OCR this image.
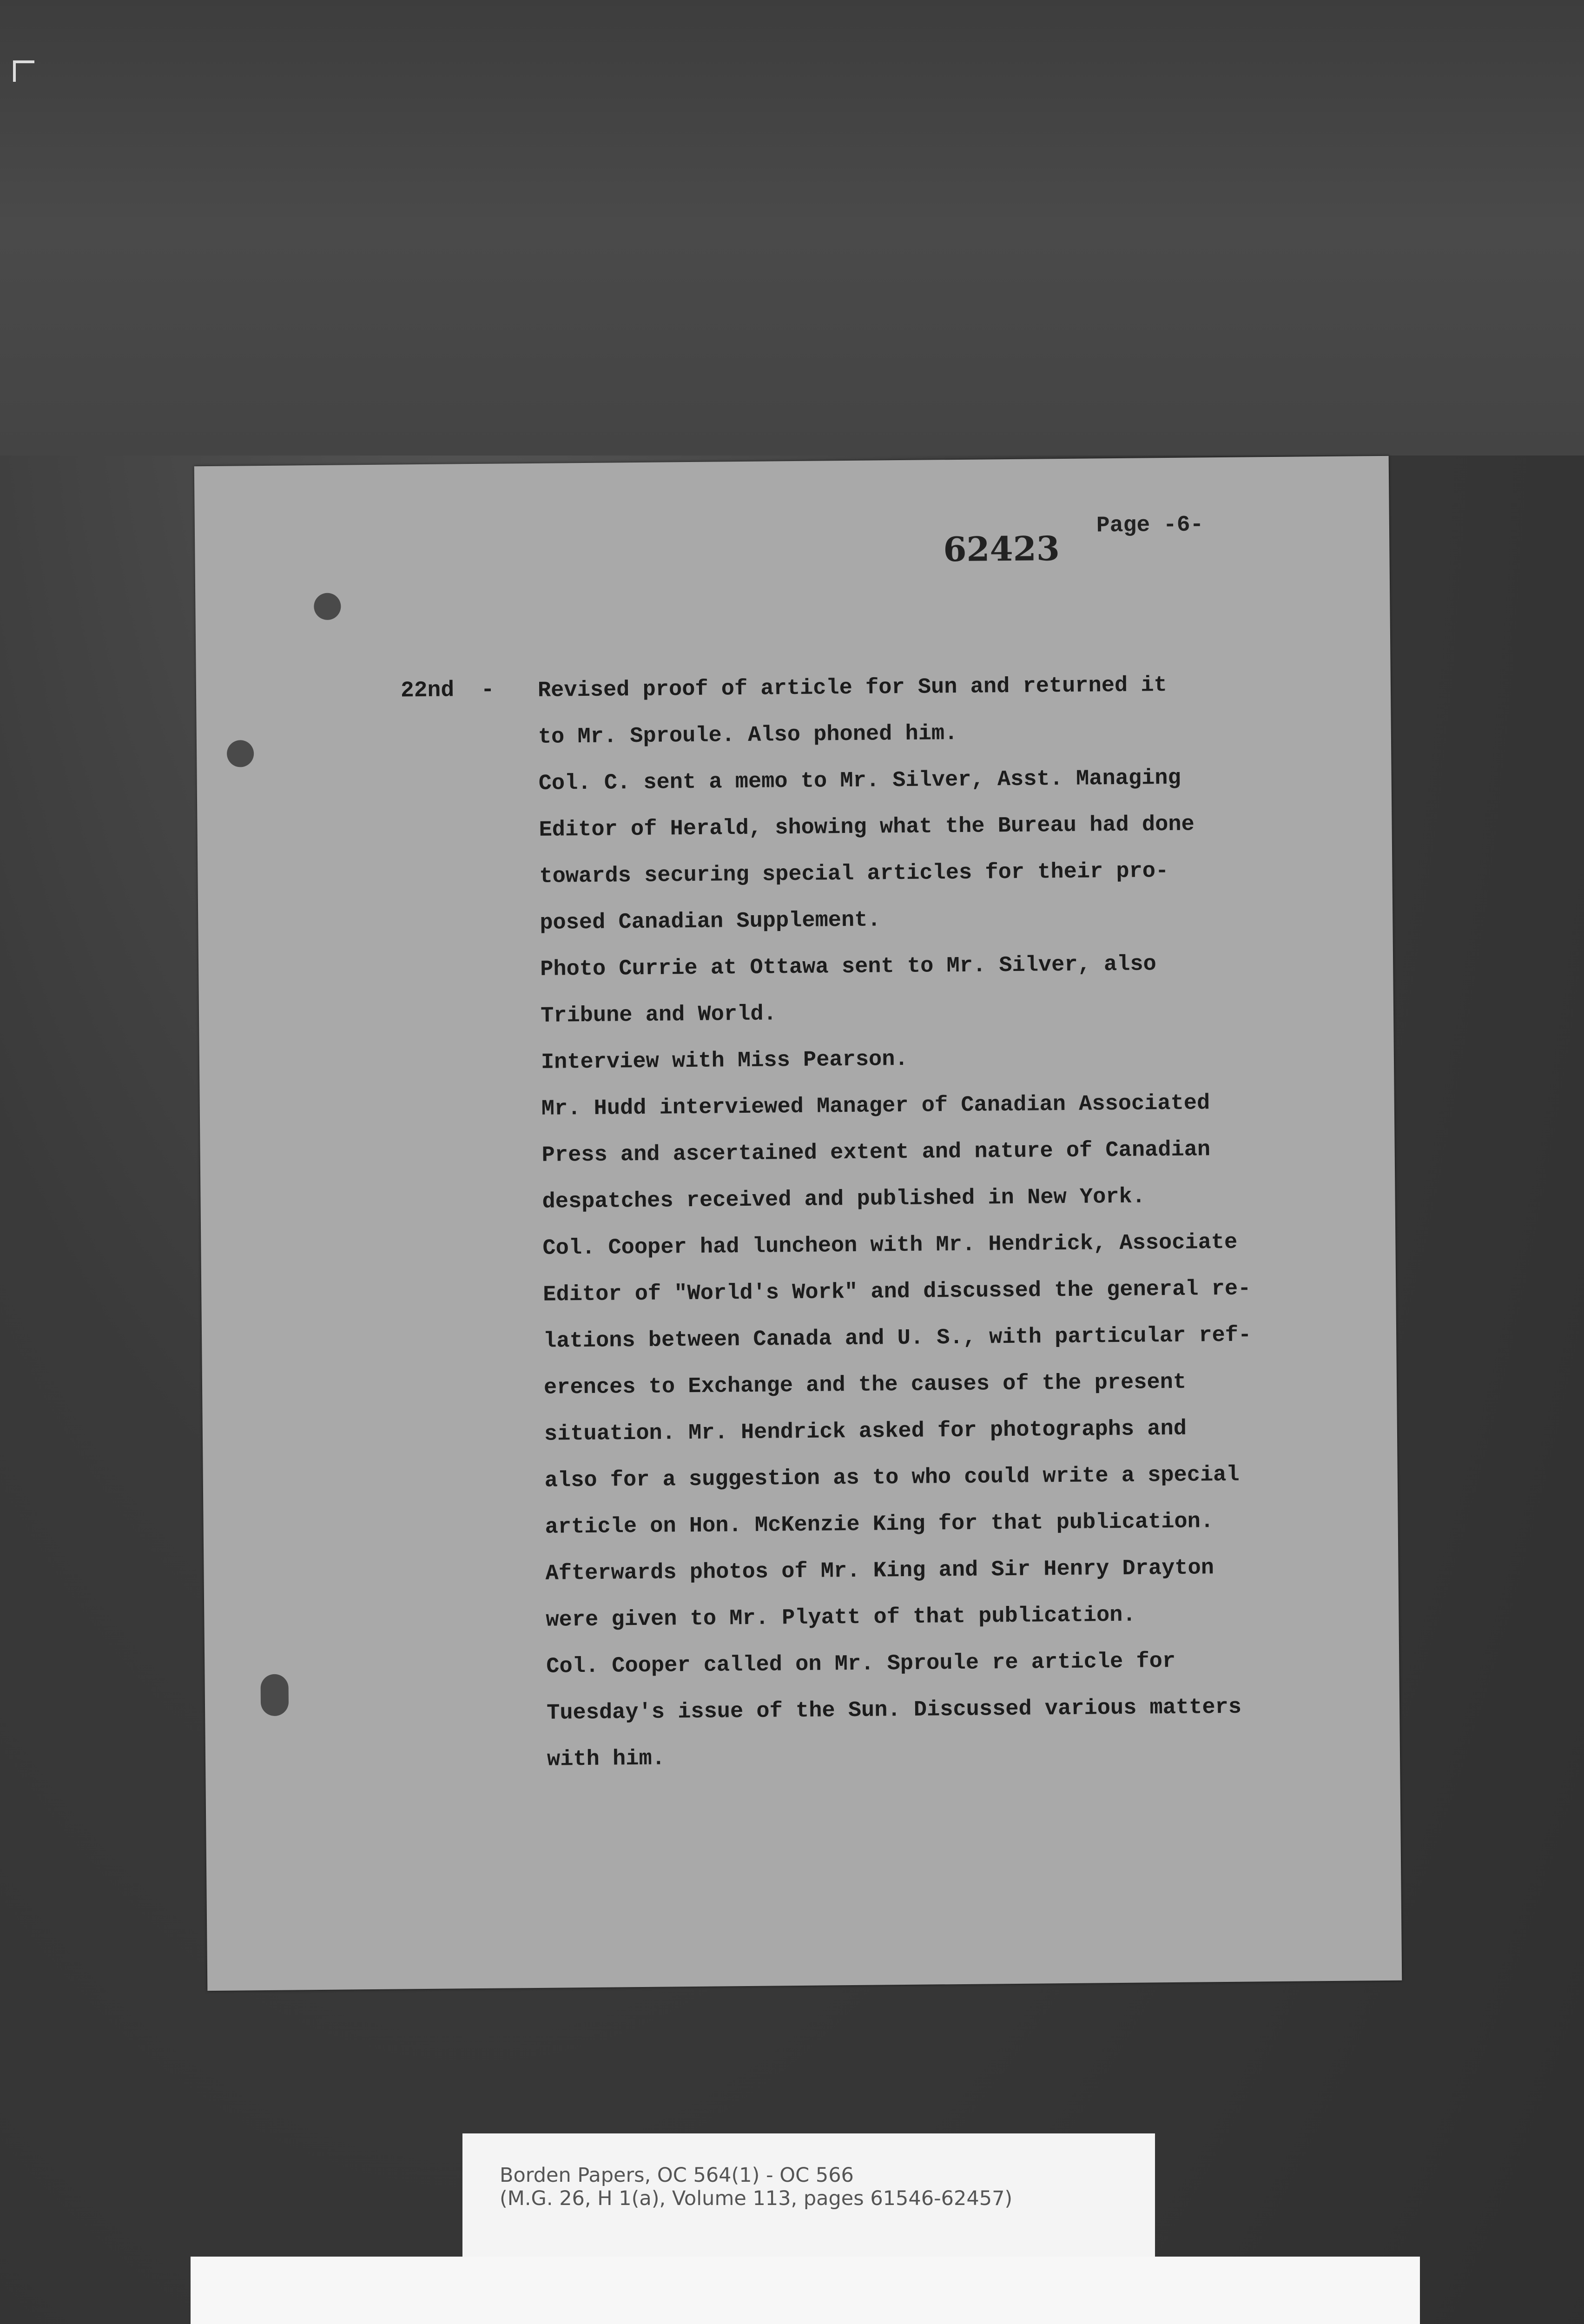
62423
Page -6-
22nd  - Revised proof of article for Sun and returned it
to Mr. Sproule. Also phoned him.
Col. C. sent a memo to Mr. Silver, Asst. Managing
Editor of Herald, showing what the Bureau had done
towards securing special articles for their pro-
posed Canadian Supplement.
Photo Currie at Ottawa sent to Mr. Silver, also
Tribune and World.
Interview with Miss Pearson.
Mr. Hudd interviewed Manager of Canadian Associated
Press and ascertained extent and nature of Canadian
despatches received and published in New York.
Col. Cooper had luncheon with Mr. Hendrick, Associate
Editor of "World's Work" and discussed the general re-
lations between Canada and U. S., with particular ref-
erences to Exchange and the causes of the present
situation. Mr. Hendrick asked for photographs and
also for a suggestion as to who could write a special
article on Hon. McKenzie King for that publication.
Afterwards photos of Mr. King and Sir Henry Drayton
were given to Mr. Plyatt of that publication.
Col. Cooper called on Mr. Sproule re article for
Tuesday's issue of the Sun. Discussed various matters
with him.
Borden Papers, OC 564(1) - OC 566
(M.G. 26, H 1(a), Volume 113, pages 61546-62457)
